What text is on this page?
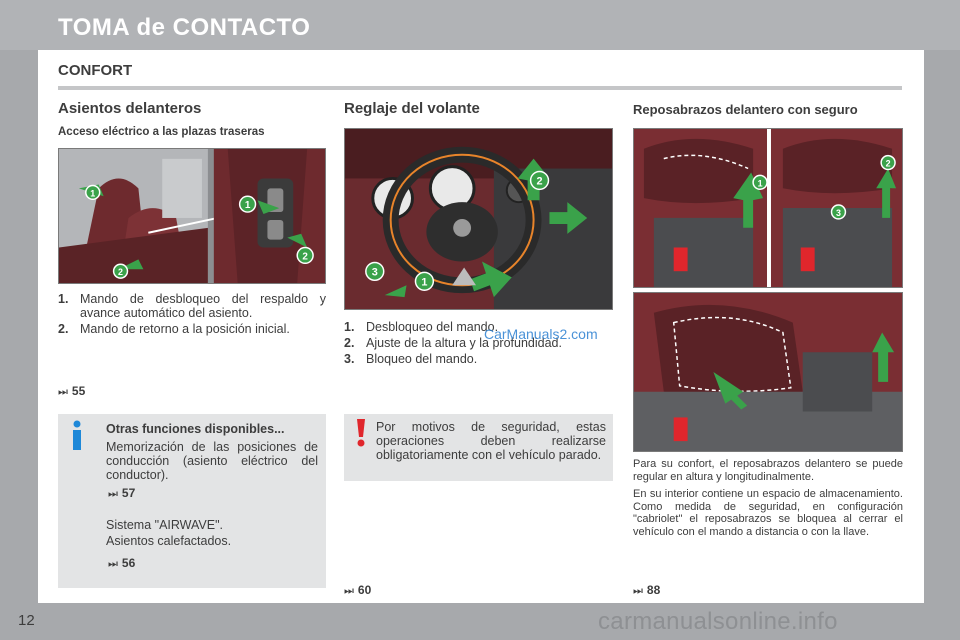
TOMA de CONTACTO
CONFORT
Asientos delanteros
Acceso eléctrico a las plazas traseras
1
2
1
2
1. Mando de desbloqueo del respaldo y avance automático del asiento.
2. Mando de retorno a la posición inicial.
⏭ 55
Otras funciones disponibles...
Memorización de las posiciones de conducción (asiento eléctrico del conductor).
⏭ 57
Sistema "AIRWAVE".
Asientos calefactados.
⏭ 56
Reglaje del volante
2
1
3
1. Desbloqueo del mando.
2. Ajuste de la altura y la profundidad.
3. Bloqueo del mando.
Por motivos de seguridad, estas operaciones deben realizarse obligatoriamente con el vehículo parado.
⏭ 60
Reposabrazos delantero con seguro
1
2
3
Para su confort, el reposabrazos delantero se puede regular en altura y longitudinalmente.
En su interior contiene un espacio de almacenamiento. Como medida de seguridad, en configuración "cabriolet" el reposabrazos se bloquea al cerrar el vehículo con el mando a distancia o con la llave.
⏭ 88
CarManuals2.com
12	carmanualsonline.info
